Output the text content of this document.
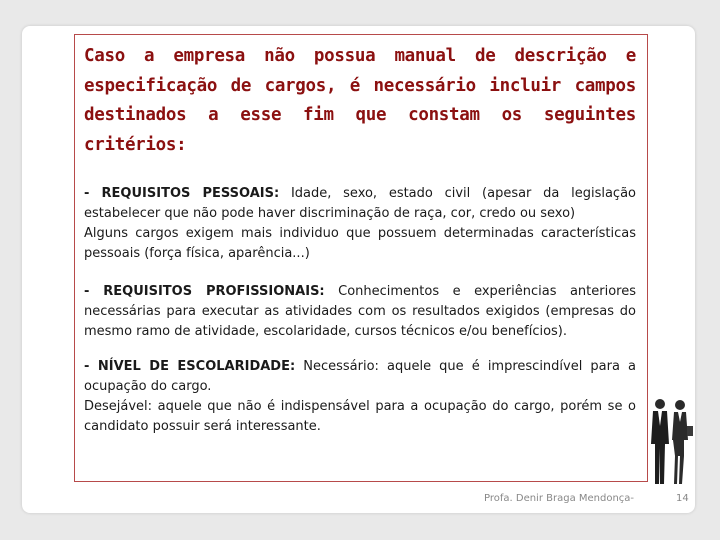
Caso a empresa não possua manual de descrição e especificação de cargos, é necessário incluir campos destinados a esse fim que constam os seguintes critérios:

- REQUISITOS PESSOAIS: Idade, sexo, estado civil (apesar da legislação estabelecer que não pode haver discriminação de raça, cor, credo ou sexo)
Alguns cargos exigem mais individuo que possuem determinadas características pessoais (força física, aparência...)

- REQUISITOS PROFISSIONAIS: Conhecimentos e experiências anteriores necessárias para executar as atividades com os resultados exigidos (empresas do mesmo ramo de atividade, escolaridade, cursos técnicos e/ou benefícios).

- NÍVEL DE ESCOLARIDADE: Necessário: aquele que é imprescindível para a ocupação do cargo.
Desejável: aquele que não é indispensável para a ocupação do cargo, porém se o candidato possuir será interessante.

Profa. Denir Braga Mendonça-	14
